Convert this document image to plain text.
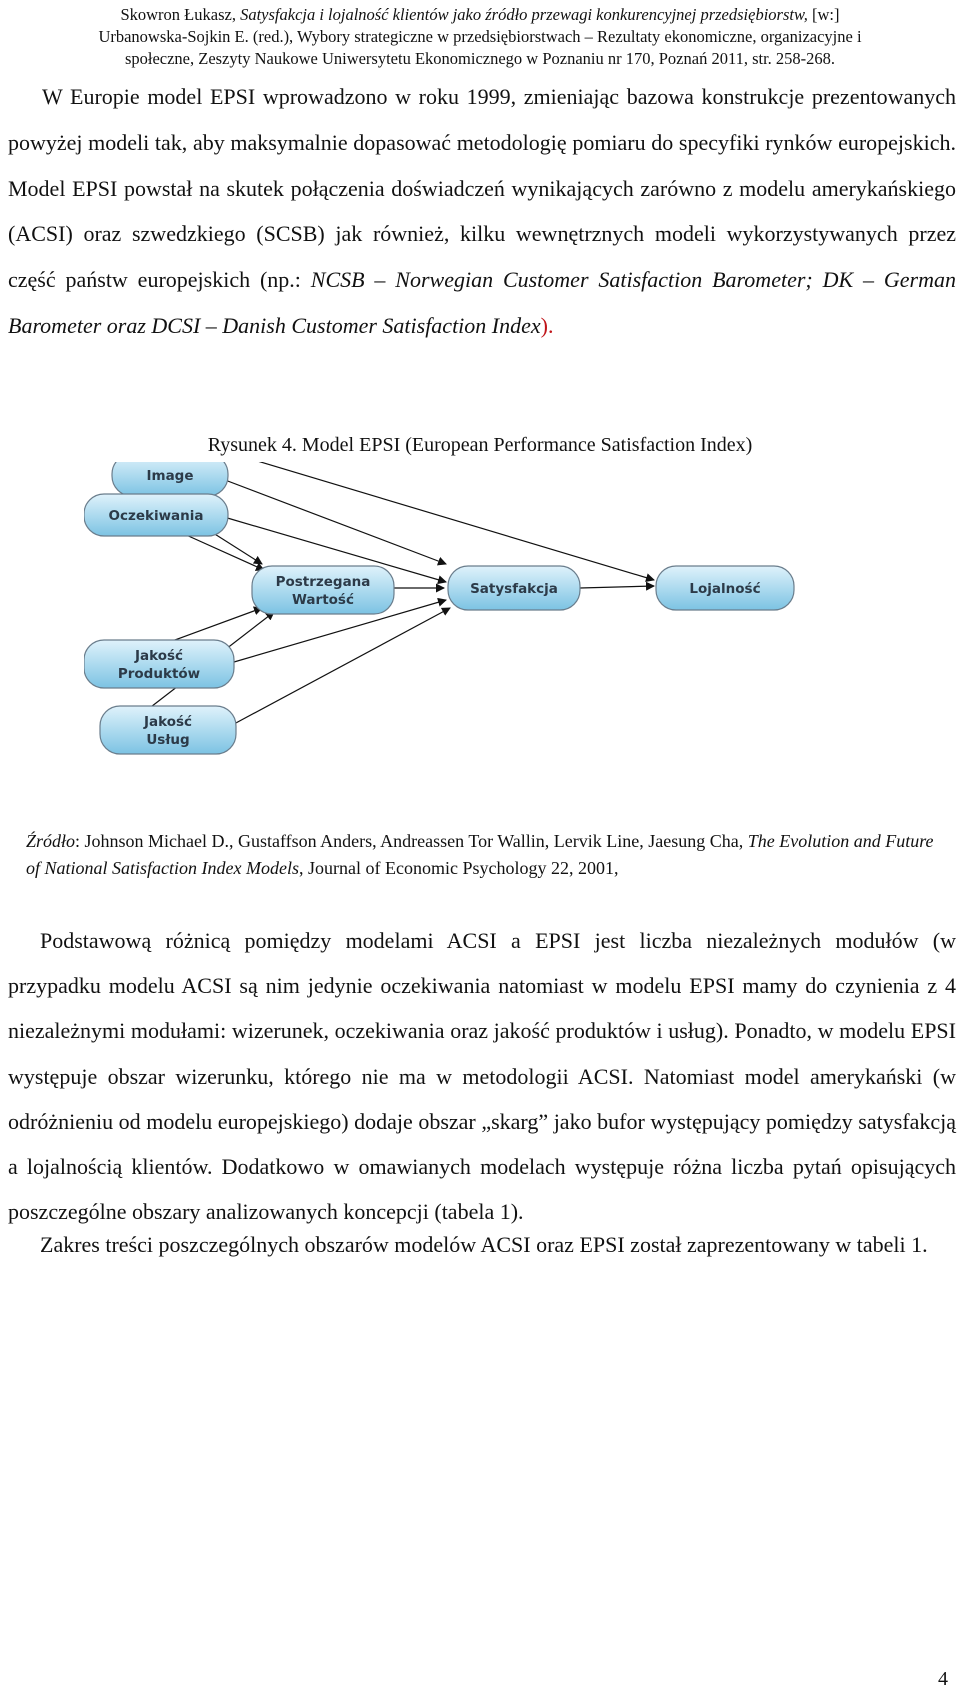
Skowron Łukasz, Satysfakcja i lojalność klientów jako źródło przewagi konkurencyjnej przedsiębiorstw, [w:]
Urbanowska-Sojkin E. (red.), Wybory strategiczne w przedsiębiorstwach – Rezultaty ekonomiczne, organizacyjne i
społeczne, Zeszyty Naukowe Uniwersytetu Ekonomicznego w Poznaniu nr 170, Poznań 2011, str. 258-268.

W Europie model EPSI wprowadzono w roku 1999, zmieniając bazowa konstrukcje prezentowanych powyżej modeli tak, aby maksymalnie dopasować metodologię pomiaru do specyfiki rynków europejskich. Model EPSI powstał na skutek połączenia doświadczeń wynikających zarówno z modelu amerykańskiego (ACSI) oraz szwedzkiego (SCSB) jak również, kilku wewnętrznych modeli wykorzystywanych przez część państw europejskich (np.: NCSB – Norwegian Customer Satisfaction Barometer; DK – German Barometer oraz DCSI – Danish Customer Satisfaction Index).

Rysunek 4. Model EPSI (European Performance Satisfaction Index)
Image
Oczekiwania
Postrzegana
Wartość
Satysfakcja	Lojalność
Jakość
Produktów
Jakość
Usług
Źródło: Johnson Michael D., Gustaffson Anders, Andreassen Tor Wallin, Lervik Line, Jaesung Cha, The Evolution and Future of National Satisfaction Index Models, Journal of Economic Psychology 22, 2001,

Podstawową różnicą pomiędzy modelami ACSI a EPSI jest liczba niezależnych modułów (w przypadku modelu ACSI są nim jedynie oczekiwania natomiast w modelu EPSI mamy do czynienia z 4 niezależnymi modułami: wizerunek, oczekiwania oraz jakość produktów i usług). Ponadto, w modelu EPSI występuje obszar wizerunku, którego nie ma w metodologii ACSI. Natomiast model amerykański (w odróżnieniu od modelu europejskiego) dodaje obszar „skarg” jako bufor występujący pomiędzy satysfakcją a lojalnością klientów. Dodatkowo w omawianych modelach występuje różna liczba pytań opisujących poszczególne obszary analizowanych koncepcji (tabela 1).

Zakres treści poszczególnych obszarów modelów ACSI oraz EPSI został zaprezentowany w tabeli 1.

4
